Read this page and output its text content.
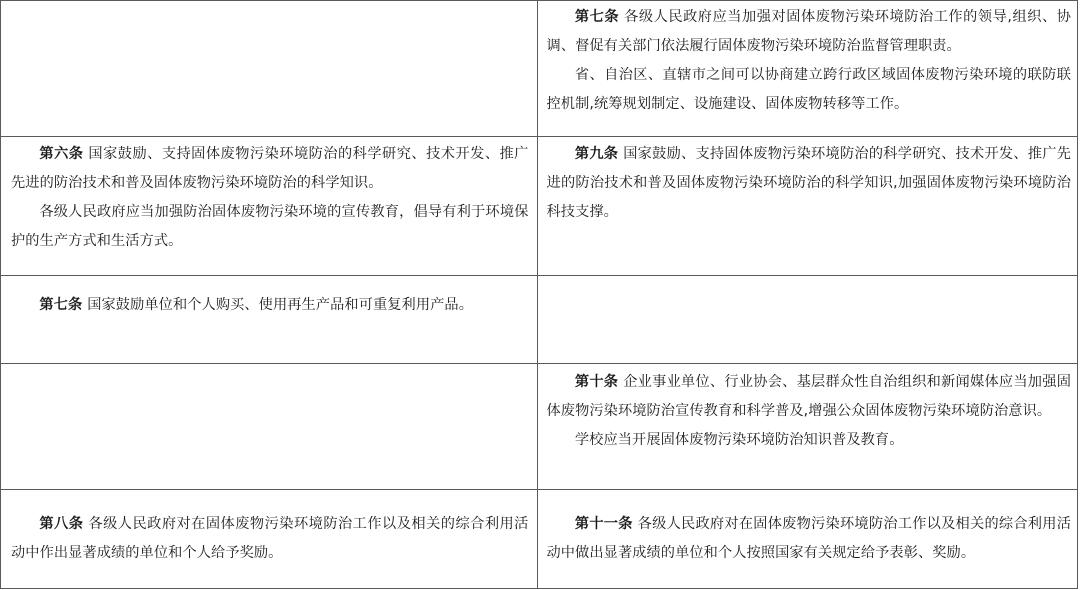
第七条 各级人民政府应当加强对固体废物污染环境防治工作的领导,组织、协调、督促有关部门依法履行固体废物污染环境防治监督管理职责。

省、自治区、直辖市之间可以协商建立跨行政区域固体废物污染环境的联防联控机制,统筹规划制定、设施建设、固体废物转移等工作。

第六条 国家鼓励、支持固体废物污染环境防治的科学研究、技术开发、推广先进的防治技术和普及固体废物污染环境防治的科学知识。

各级人民政府应当加强防治固体废物污染环境的宣传教育，倡导有利于环境保护的生产方式和生活方式。

第九条 国家鼓励、支持固体废物污染环境防治的科学研究、技术开发、推广先进的防治技术和普及固体废物污染环境防治的科学知识,加强固体废物污染环境防治科技支撑。

第七条 国家鼓励单位和个人购买、使用再生产品和可重复利用产品。

第十条 企业事业单位、行业协会、基层群众性自治组织和新闻媒体应当加强固体废物污染环境防治宣传教育和科学普及,增强公众固体废物污染环境防治意识。

学校应当开展固体废物污染环境防治知识普及教育。

第八条 各级人民政府对在固体废物污染环境防治工作以及相关的综合利用活动中作出显著成绩的单位和个人给予奖励。

第十一条 各级人民政府对在固体废物污染环境防治工作以及相关的综合利用活动中做出显著成绩的单位和个人按照国家有关规定给予表彰、奖励。
